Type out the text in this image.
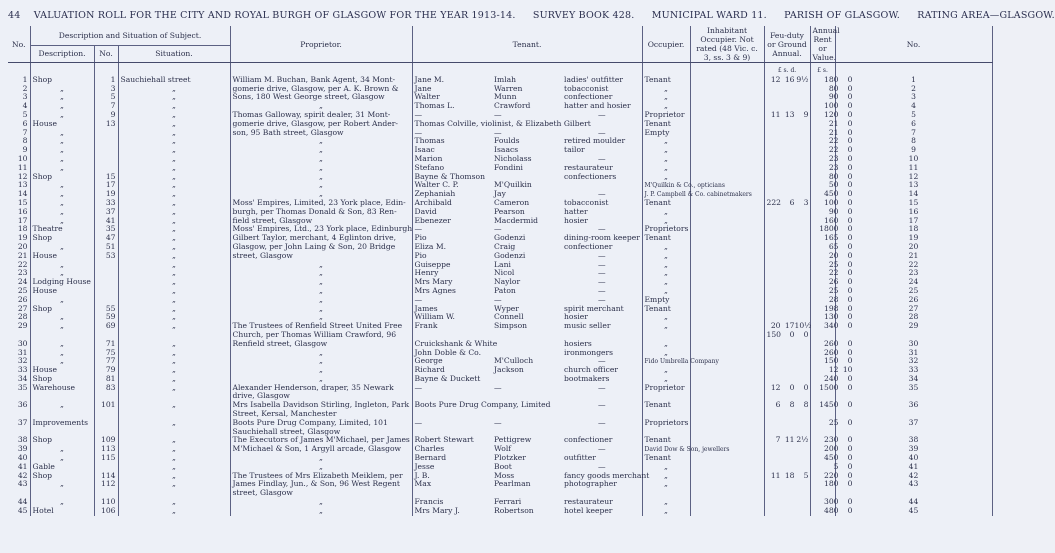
44 VALUATION ROLL FOR THE CITY AND ROYAL BURGH OF GLASGOW FOR THE YEAR 1913-14. SURVEY BOOK 428. MUNICIPAL WARD 11. PARISH OF GLASGOW. RATING AREA—GLASGOW.
No.	Description and Situation of Subject.			Proprietor.	Tenant.			Occupier.	Inhabitant Occupier. Not rated (48 Vic. c. 3, ss. 3 & 9)	Feu-duty or Ground Annual.	Annual Rent or Value.	No.	
	Description.	No.	Situation.										
										£ s. d.	£ s.		
1	Shop	1	Sauchiehall street	William M. Buchan, Bank Agent, 34 Mont-	Jane M.	Imlah	ladies' outfitter	Tenant		12 16 9½	180 0	1	
2	„	3	„	gomerie drive, Glasgow, per A. K. Brown &	Jane	Warren	tobacconist	„			80 0	2	
3	„	5	„	Sons, 180 West George street, Glasgow	Walter	Munn	confectioner	„			90 0	3	
4	„	7	„	„	Thomas L.	Crawford	hatter and hosier	„			100 0	4	
5	„	9	„	Thomas Galloway, spirit dealer, 31 Mont-	—	—	—	Proprietor		11 13 9	120 0	5	
6	House	13	„	gomerie drive, Glasgow, per Robert Ander-	Thomas Colville, violinist, & Elizabeth Gilbert			Tenant			21 0	6	
7	„		„	son, 95 Bath street, Glasgow	—	—	—	Empty			21 0	7	
8	„		„	„	Thomas	Foulds	retired moulder	„			22 0	8	
9	„		„	„	Isaac	Isaacs	tailor	„			22 0	9	
10	„		„	„	Marion	Nicholass	—	„			23 0	10	
11	„		„	„	Stefano	Fondini	restaurateur	„			23 0	11	
12	Shop	15	„	„	Bayne & Thomson		confectioners	„			80 0	12	
13	„	17	„	„	Walter C. P.	M'Quilkin		M'Quilkin & Co., opticians			50 0	13	
14	„	19	„	„	Zephaniah	Jay	—	J. P. Campbell & Co. cabinetmakers			450 0	14	
15	„	33	„	Moss' Empires, Limited, 23 York place, Edin-	Archibald	Cameron	tobacconist	Tenant		222 6 3	100 0	15	
16	„	37	„	burgh, per Thomas Donald & Son, 83 Ren-	David	Pearson	hatter	„			90 0	16	
17	„	41	„	field street, Glasgow	Ebenezer	Macdermid	hosier	„			160 0	17	
18	Theatre	35	„	Moss' Empires, Ltd., 23 York place, Edinburgh	—	—	—	Proprietors			1800 0	18	
19	Shop	47	„	Gilbert Taylor, merchant, 4 Eglinton drive,	Pio	Godenzi	dining-room keeper	Tenant			165 0	19	
20	„	51	„	Glasgow, per John Laing & Son, 20 Bridge	Eliza M.	Craig	confectioner	„			65 0	20	
21	House	53	„	street, Glasgow	Pio	Godenzi	—	„			20 0	21	
22	„		„	„	Guiseppe	Lani	—	„			25 0	22	
23	„		„	„	Henry	Nicol	—	„			22 0	23	
24	Lodging House		„	„	Mrs Mary	Naylor	—	„			26 0	24	
25	House		„	„	Mrs Agnes	Paton	—	„			25 0	25	
26	„		„	„	—	—	—	Empty			28 0	26	
27	Shop	55	„	„	James	Wyper	spirit merchant	Tenant			198 0	27	
28	„	59	„	„	William W.	Connell	hosier	„			130 0	28	
29	„	69	„	The Trustees of Renfield Street United Free	Frank	Simpson	music seller	„		20 1710½	340 0	29	
				Church, per Thomas William Crawford, 96						150 0 0			
30	„	71	„	Renfield street, Glasgow	Cruickshank & White		hosiers	„			260 0	30	
31	„	75	„	„	John Doble & Co.		ironmongers	„			260 0	31	
32	„	77	„	„	George	M'Culloch	—	Fido Umbrella Company			150 0	32	
33	House	79	„	„	Richard	Jackson	church officer	„			12 10	33	
34	Shop	81	„	„	Bayne & Duckett		bootmakers	„			240 0	34	
35	Warehouse	83	„	Alexander Henderson, draper, 35 Newark	—	—	—	Proprietor		12 0 0	1500 0	35	
				drive, Glasgow									
36	„	101	„	Mrs Isabella Davidson Stirling, Ingleton, Park	Boots Pure Drug Company, Limited		—	Tenant		6 8 8	1450 0	36	
				Street, Kersal, Manchester									
37	Improvements		„	Boots Pure Drug Company, Limited, 101	—	—	—	Proprietors			25 0	37	
				Sauchiehall street, Glasgow									
38	Shop	109	„	The Executors of James M'Michael, per James	Robert Stewart	Pettigrew	confectioner	Tenant		7 11 2½	230 0	38	
39	„	113	„	M'Michael & Son, 1 Argyll arcade, Glasgow	Charles	Wolf	—	David Dow & Son, jewellers			200 0	39	
40	„	115	„	„	Bernard	Plotzker	outfitter	Tenant			450 0	40	
41	Gable		„	„	Jesse	Boot	—	„			5 0	41	
42	Shop	114	„	The Trustees of Mrs Elizabeth Meiklem, per	J. B.	Moss	fancy goods merchant	„		11 18 5	220 0	42	
43	„	112	„	James Findlay, Jun., & Son, 96 West Regent	Max	Pearlman	photographer	„			180 0	43	
				street, Glasgow									
44	„	110	„	„	Francis	Ferrari	restaurateur	„			300 0	44	
45	Hotel	106	„	„	Mrs Mary J.	Robertson	hotel keeper	„			480 0	45	
